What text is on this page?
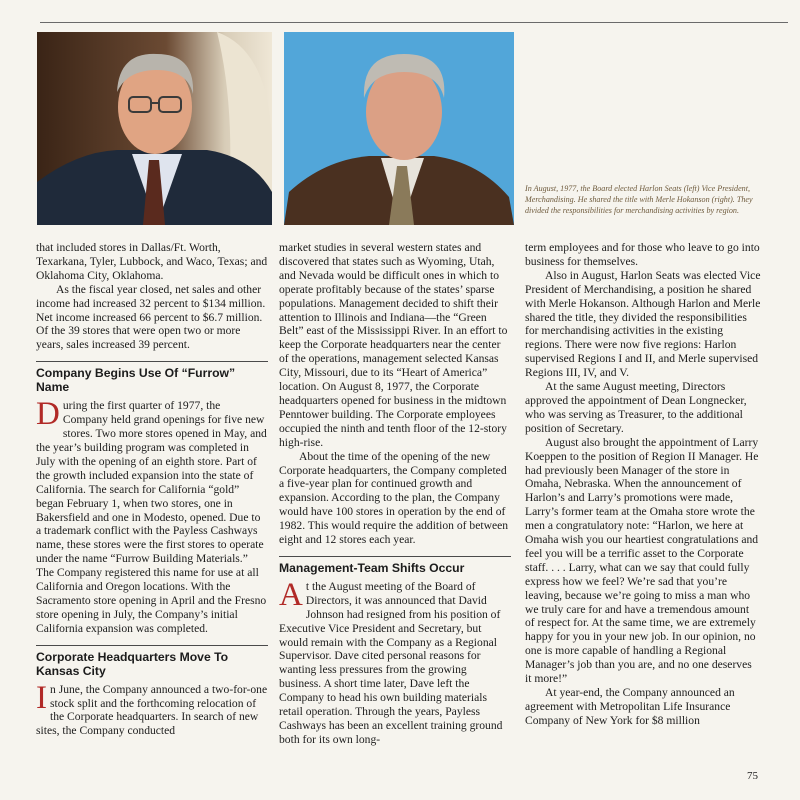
In August, 1977, the Board elected Harlon Seats (left) Vice President, Merchandising. He shared the title with Merle Hokanson (right). They divided the responsibilities for merchandising activities by region.

that included stores in Dallas/Ft. Worth, Texarkana, Tyler, Lubbock, and Waco, Texas; and Oklahoma City, Oklahoma.

As the fiscal year closed, net sales and other income had increased 32 percent to $134 million. Net income increased 66 percent to $6.7 million. Of the 39 stores that were open two or more years, sales increased 39 percent.

Company Begins Use Of “Furrow” Name

During the first quarter of 1977, the Company held grand openings for five new stores. Two more stores opened in May, and the year’s building program was completed in July with the opening of an eighth store. Part of the growth included expansion into the state of California. The search for California “gold” began February 1, when two stores, one in Bakersfield and one in Modesto, opened. Due to a trademark conflict with the Payless Cashways name, these stores were the first stores to operate under the name “Furrow Building Materials.” The Company registered this name for use at all California and Oregon locations. With the Sacramento store opening in April and the Fresno store opening in July, the Company’s initial California expansion was completed.

Corporate Headquarters Move To Kansas City

In June, the Company announced a two-for-one stock split and the forthcoming relocation of the Corporate headquarters. In search of new sites, the Company conducted

market studies in several western states and discovered that states such as Wyoming, Utah, and Nevada would be difficult ones in which to operate profitably because of the states’ sparse populations. Management decided to shift their attention to Illinois and Indiana—the “Green Belt” east of the Mississippi River. In an effort to keep the Corporate headquarters near the center of the operations, management selected Kansas City, Missouri, due to its “Heart of America” location. On August 8, 1977, the Corporate headquarters opened for business in the midtown Penntower building. The Corporate employees occupied the ninth and tenth floor of the 12-story high-rise.

About the time of the opening of the new Corporate headquarters, the Company completed a five-year plan for continued growth and expansion. According to the plan, the Company would have 100 stores in operation by the end of 1982. This would require the addition of between eight and 12 stores each year.

Management-Team Shifts Occur

At the August meeting of the Board of Directors, it was announced that David Johnson had resigned from his position of Executive Vice President and Secretary, but would remain with the Company as a Regional Supervisor. Dave cited personal reasons for wanting less pressures from the growing business. A short time later, Dave left the Company to head his own building materials retail operation. Through the years, Payless Cashways has been an excellent training ground both for its own long-

term employees and for those who leave to go into business for themselves.

Also in August, Harlon Seats was elected Vice President of Merchandising, a position he shared with Merle Hokanson. Although Harlon and Merle shared the title, they divided the responsibilities for merchandising activities in the existing regions. There were now five regions: Harlon supervised Regions I and II, and Merle supervised Regions III, IV, and V.

At the same August meeting, Directors approved the appointment of Dean Longnecker, who was serving as Treasurer, to the additional position of Secretary.

August also brought the appointment of Larry Koeppen to the position of Region II Manager. He had previously been Manager of the store in Omaha, Nebraska. When the announcement of Harlon’s and Larry’s promotions were made, Larry’s former team at the Omaha store wrote the men a congratulatory note: “Harlon, we here at Omaha wish you our heartiest congratulations and feel you will be a terrific asset to the Corporate staff. . . . Larry, what can we say that could fully express how we feel? We’re sad that you’re leaving, because we’re going to miss a man who we truly care for and have a tremendous amount of respect for. At the same time, we are extremely happy for you in your new job. In our opinion, no one is more capable of handling a Regional Manager’s job than you are, and no one deserves it more!”

At year-end, the Company announced an agreement with Metropolitan Life Insurance Company of New York for $8 million

75
